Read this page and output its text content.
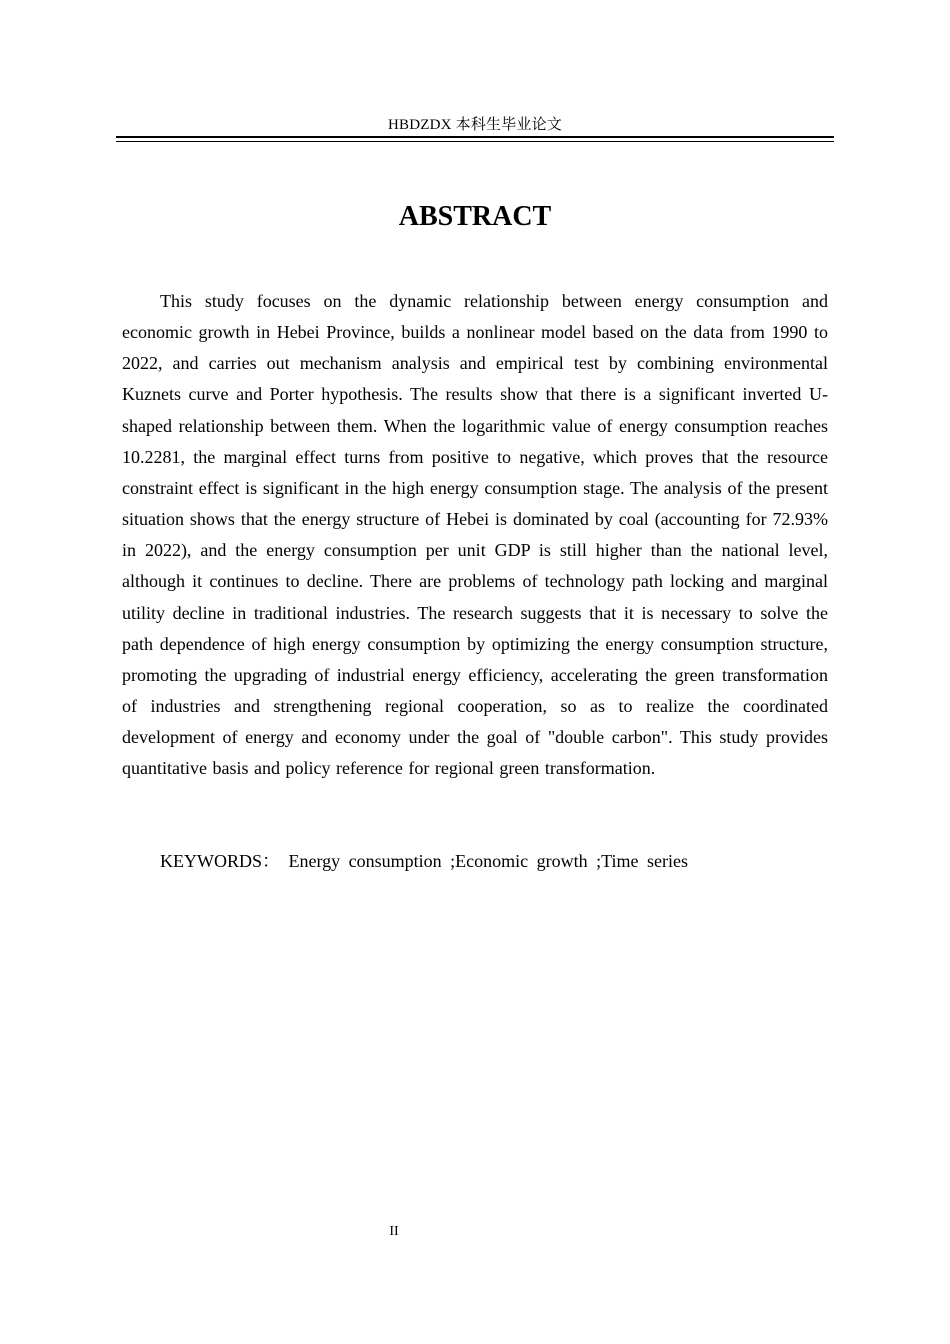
HBDZDX 本科生毕业论文
ABSTRACT

This study focuses on the dynamic relationship between energy consumption and economic growth in Hebei Province, builds a nonlinear model based on the data from 1990 to 2022, and carries out mechanism analysis and empirical test by combining environmental Kuznets curve and Porter hypothesis. The results show that there is a significant inverted U-shaped relationship between them. When the logarithmic value of energy consumption reaches 10.2281, the marginal effect turns from positive to negative, which proves that the resource constraint effect is significant in the high energy consumption stage. The analysis of the present situation shows that the energy structure of Hebei is dominated by coal (accounting for 72.93% in 2022), and the energy consumption per unit GDP is still higher than the national level, although it continues to decline. There are problems of technology path locking and marginal utility decline in traditional industries. The research suggests that it is necessary to solve the path dependence of high energy consumption by optimizing the energy consumption structure, promoting the upgrading of industrial energy efficiency, accelerating the green transformation of industries and strengthening regional cooperation, so as to realize the coordinated development of energy and economy under the goal of "double carbon". This study provides quantitative basis and policy reference for regional green transformation.

KEYWORDS： Energy consumption ;Economic growth ;Time series

II
